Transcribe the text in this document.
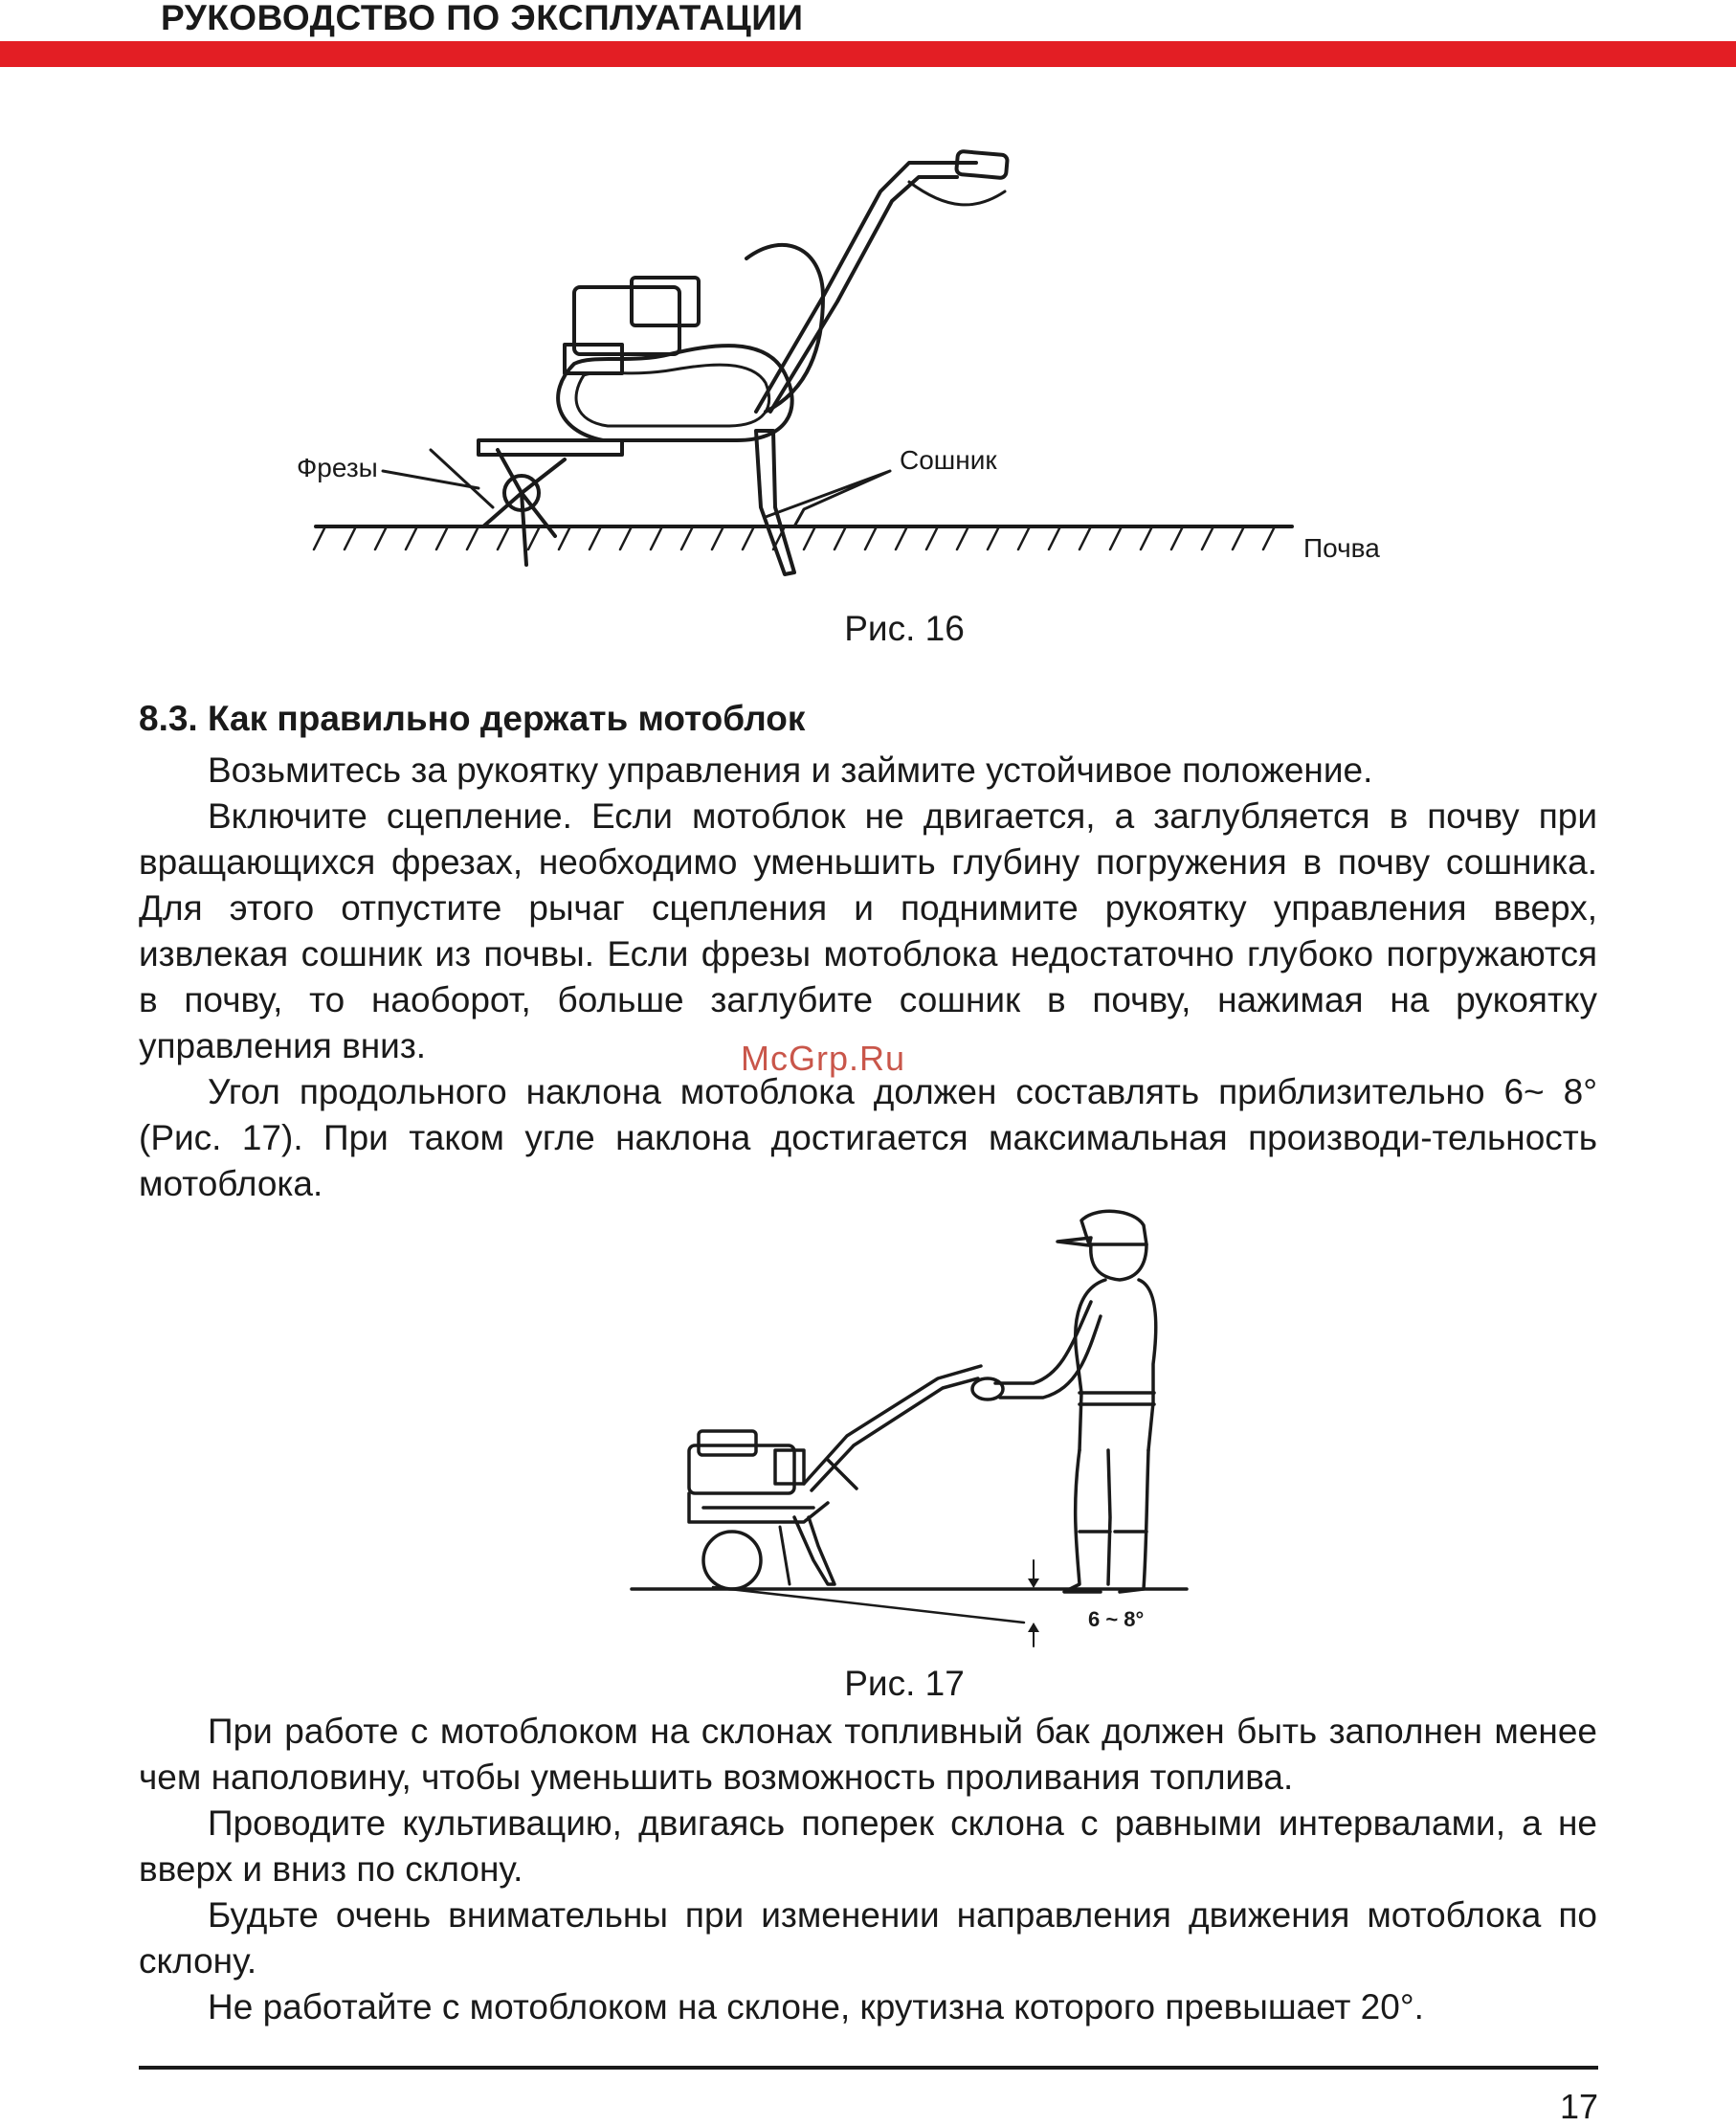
РУКОВОДСТВО ПО ЭКСПЛУАТАЦИИ
Фрезы	Сошник
Почва
Рис. 16
8.3. Как правильно держать мотоблок

Возьмитесь за рукоятку управления и займите устойчивое положение.

Включите сцепление. Если мотоблок не двигается, а заглубляется в почву при вращающихся фрезах, необходимо уменьшить глубину погружения в почву сошника. Для этого отпустите рычаг сцепления и поднимите рукоятку управления вверх, извлекая сошник из почвы. Если фрезы мотоблока недостаточно глубоко погружаются в почву, то наоборот, больше заглубите сошник в почву, нажимая на рукоятку управления вниз.

Угол продольного наклона мотоблока должен составлять приблизительно 6~ 8° (Рис. 17). При таком угле наклона достигается максимальная производи-тельность мотоблока.

McGrp.Ru
6 ~ 8°
Рис. 17

При работе с мотоблоком на склонах топливный бак должен быть заполнен менее чем наполовину, чтобы уменьшить возможность проливания топлива.

Проводите культивацию, двигаясь поперек склона с равными интервалами, а не вверх и вниз по склону.

Будьте очень внимательны при изменении направления движения мотоблока по склону.

Не работайте с мотоблоком на склоне, крутизна которого превышает 20°.

17
